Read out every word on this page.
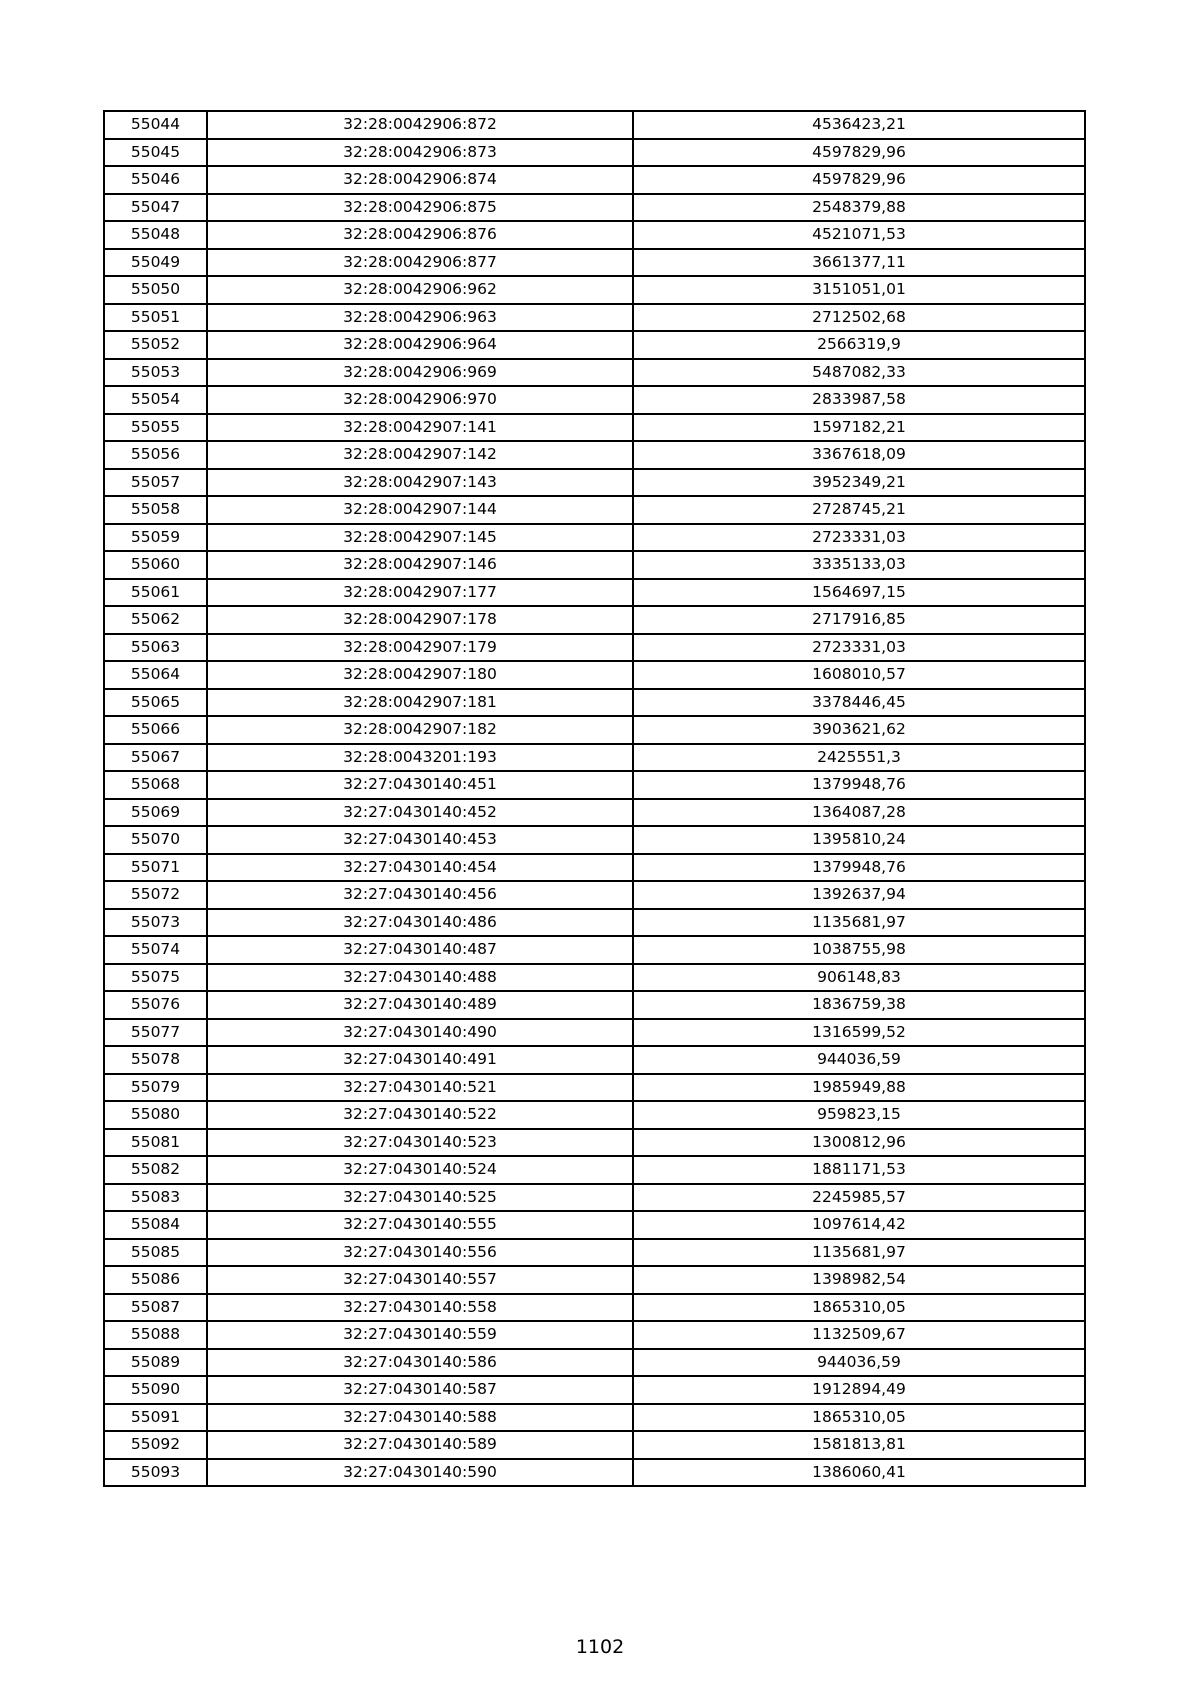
55044	32:28:0042906:872	4536423,21
55045	32:28:0042906:873	4597829,96
55046	32:28:0042906:874	4597829,96
55047	32:28:0042906:875	2548379,88
55048	32:28:0042906:876	4521071,53
55049	32:28:0042906:877	3661377,11
55050	32:28:0042906:962	3151051,01
55051	32:28:0042906:963	2712502,68
55052	32:28:0042906:964	2566319,9
55053	32:28:0042906:969	5487082,33
55054	32:28:0042906:970	2833987,58
55055	32:28:0042907:141	1597182,21
55056	32:28:0042907:142	3367618,09
55057	32:28:0042907:143	3952349,21
55058	32:28:0042907:144	2728745,21
55059	32:28:0042907:145	2723331,03
55060	32:28:0042907:146	3335133,03
55061	32:28:0042907:177	1564697,15
55062	32:28:0042907:178	2717916,85
55063	32:28:0042907:179	2723331,03
55064	32:28:0042907:180	1608010,57
55065	32:28:0042907:181	3378446,45
55066	32:28:0042907:182	3903621,62
55067	32:28:0043201:193	2425551,3
55068	32:27:0430140:451	1379948,76
55069	32:27:0430140:452	1364087,28
55070	32:27:0430140:453	1395810,24
55071	32:27:0430140:454	1379948,76
55072	32:27:0430140:456	1392637,94
55073	32:27:0430140:486	1135681,97
55074	32:27:0430140:487	1038755,98
55075	32:27:0430140:488	906148,83
55076	32:27:0430140:489	1836759,38
55077	32:27:0430140:490	1316599,52
55078	32:27:0430140:491	944036,59
55079	32:27:0430140:521	1985949,88
55080	32:27:0430140:522	959823,15
55081	32:27:0430140:523	1300812,96
55082	32:27:0430140:524	1881171,53
55083	32:27:0430140:525	2245985,57
55084	32:27:0430140:555	1097614,42
55085	32:27:0430140:556	1135681,97
55086	32:27:0430140:557	1398982,54
55087	32:27:0430140:558	1865310,05
55088	32:27:0430140:559	1132509,67
55089	32:27:0430140:586	944036,59
55090	32:27:0430140:587	1912894,49
55091	32:27:0430140:588	1865310,05
55092	32:27:0430140:589	1581813,81
55093	32:27:0430140:590	1386060,41
1102
